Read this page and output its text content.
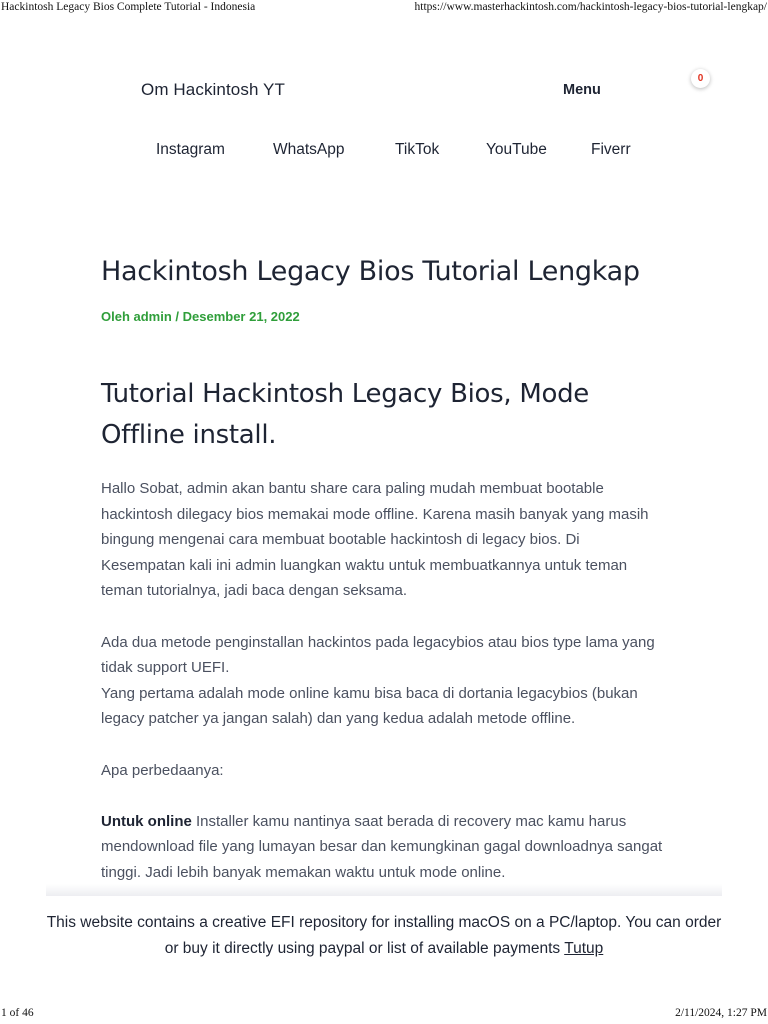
Hackintosh Legacy Bios Complete Tutorial - Indonesia	https://www.masterhackintosh.com/hackintosh-legacy-bios-tutorial-lengkap/
Om Hackintosh YT	Menu
0
Instagram	WhatsApp	TikTok	YouTube	Fiverr
Hackintosh Legacy Bios Tutorial Lengkap
Oleh admin / Desember 21, 2022
Tutorial Hackintosh Legacy Bios, Mode Offline install.

Hallo Sobat, admin akan bantu share cara paling mudah membuat bootable hackintosh dilegacy bios memakai mode offline. Karena masih banyak yang masih bingung mengenai cara membuat bootable hackintosh di legacy bios. Di Kesempatan kali ini admin luangkan waktu untuk membuatkannya untuk teman teman tutorialnya, jadi baca dengan seksama.

Ada dua metode penginstallan hackintos pada legacybios atau bios type lama yang tidak support UEFI.
Yang pertama adalah mode online kamu bisa baca di dortania legacybios (bukan legacy patcher ya jangan salah) dan yang kedua adalah metode offline.

Apa perbedaanya:

Untuk online Installer kamu nantinya saat berada di recovery mac kamu harus mendownload file yang lumayan besar dan kemungkinan gagal downloadnya sangat tinggi. Jadi lebih banyak memakan waktu untuk mode online.

This website contains a creative EFI repository for installing macOS on a PC/laptop. You can order or buy it directly using paypal or list of available payments Tutup
1 of 46	2/11/2024, 1:27 PM
